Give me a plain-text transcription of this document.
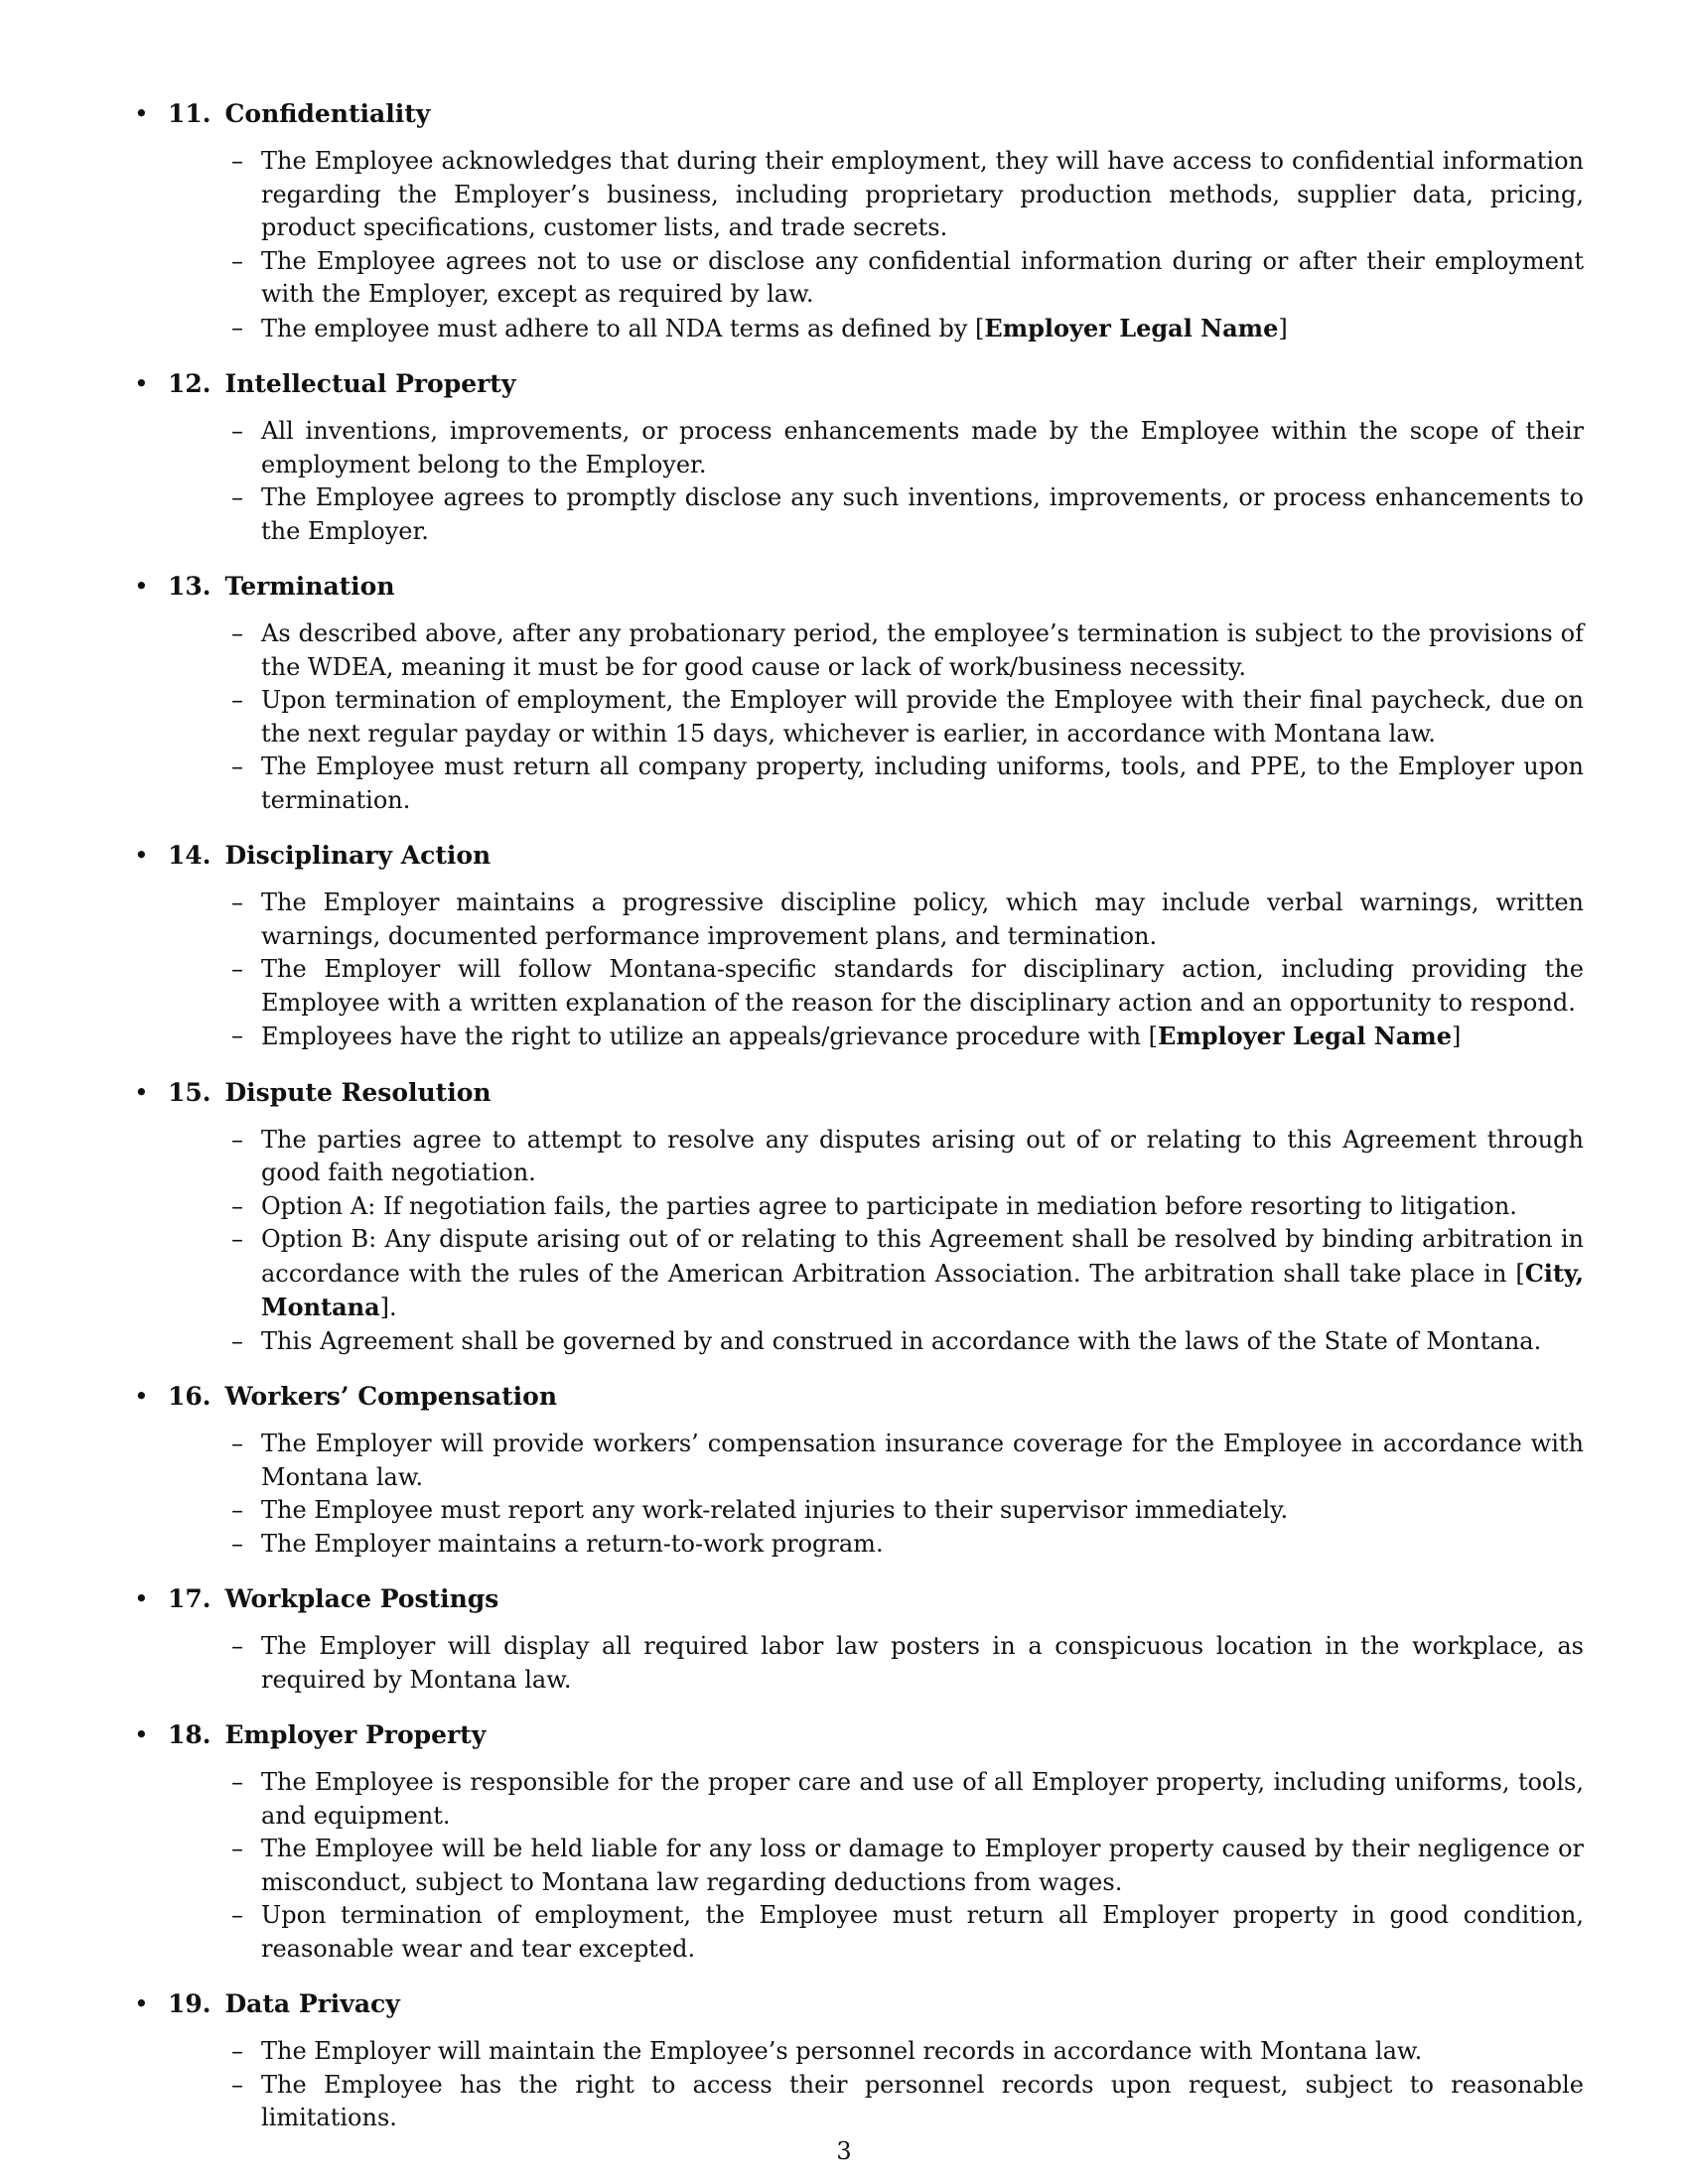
• 11. Confidentiality
– The Employee acknowledges that during their employment, they will have access to confidential information regarding the Employer’s business, including proprietary production methods, supplier data, pricing, product specifications, customer lists, and trade secrets.
– The Employee agrees not to use or disclose any confidential information during or after their employment with the Employer, except as required by law.
– The employee must adhere to all NDA terms as defined by [Employer Legal Name]
• 12. Intellectual Property
– All inventions, improvements, or process enhancements made by the Employee within the scope of their employment belong to the Employer.
– The Employee agrees to promptly disclose any such inventions, improvements, or process enhancements to the Employer.
• 13. Termination
– As described above, after any probationary period, the employee’s termination is subject to the provisions of the WDEA, meaning it must be for good cause or lack of work/business necessity.
– Upon termination of employment, the Employer will provide the Employee with their final paycheck, due on the next regular payday or within 15 days, whichever is earlier, in accordance with Montana law.
– The Employee must return all company property, including uniforms, tools, and PPE, to the Employer upon termination.
• 14. Disciplinary Action
– The Employer maintains a progressive discipline policy, which may include verbal warnings, written warnings, documented performance improvement plans, and termination.
– The Employer will follow Montana-specific standards for disciplinary action, including providing the Employee with a written explanation of the reason for the disciplinary action and an opportunity to respond.
– Employees have the right to utilize an appeals/grievance procedure with [Employer Legal Name]
• 15. Dispute Resolution
– The parties agree to attempt to resolve any disputes arising out of or relating to this Agreement through good faith negotiation.
– Option A: If negotiation fails, the parties agree to participate in mediation before resorting to litigation.
– Option B: Any dispute arising out of or relating to this Agreement shall be resolved by binding arbitration in accordance with the rules of the American Arbitration Association. The arbitration shall take place in [City, Montana].
– This Agreement shall be governed by and construed in accordance with the laws of the State of Montana.
• 16. Workers’ Compensation
– The Employer will provide workers’ compensation insurance coverage for the Employee in accordance with Montana law.
– The Employee must report any work-related injuries to their supervisor immediately.
– The Employer maintains a return-to-work program.
• 17. Workplace Postings
– The Employer will display all required labor law posters in a conspicuous location in the workplace, as required by Montana law.
• 18. Employer Property
– The Employee is responsible for the proper care and use of all Employer property, including uniforms, tools, and equipment.
– The Employee will be held liable for any loss or damage to Employer property caused by their negligence or misconduct, subject to Montana law regarding deductions from wages.
– Upon termination of employment, the Employee must return all Employer property in good condition, reasonable wear and tear excepted.
• 19. Data Privacy
– The Employer will maintain the Employee’s personnel records in accordance with Montana law.
– The Employee has the right to access their personnel records upon request, subject to reasonable limitations.
3
